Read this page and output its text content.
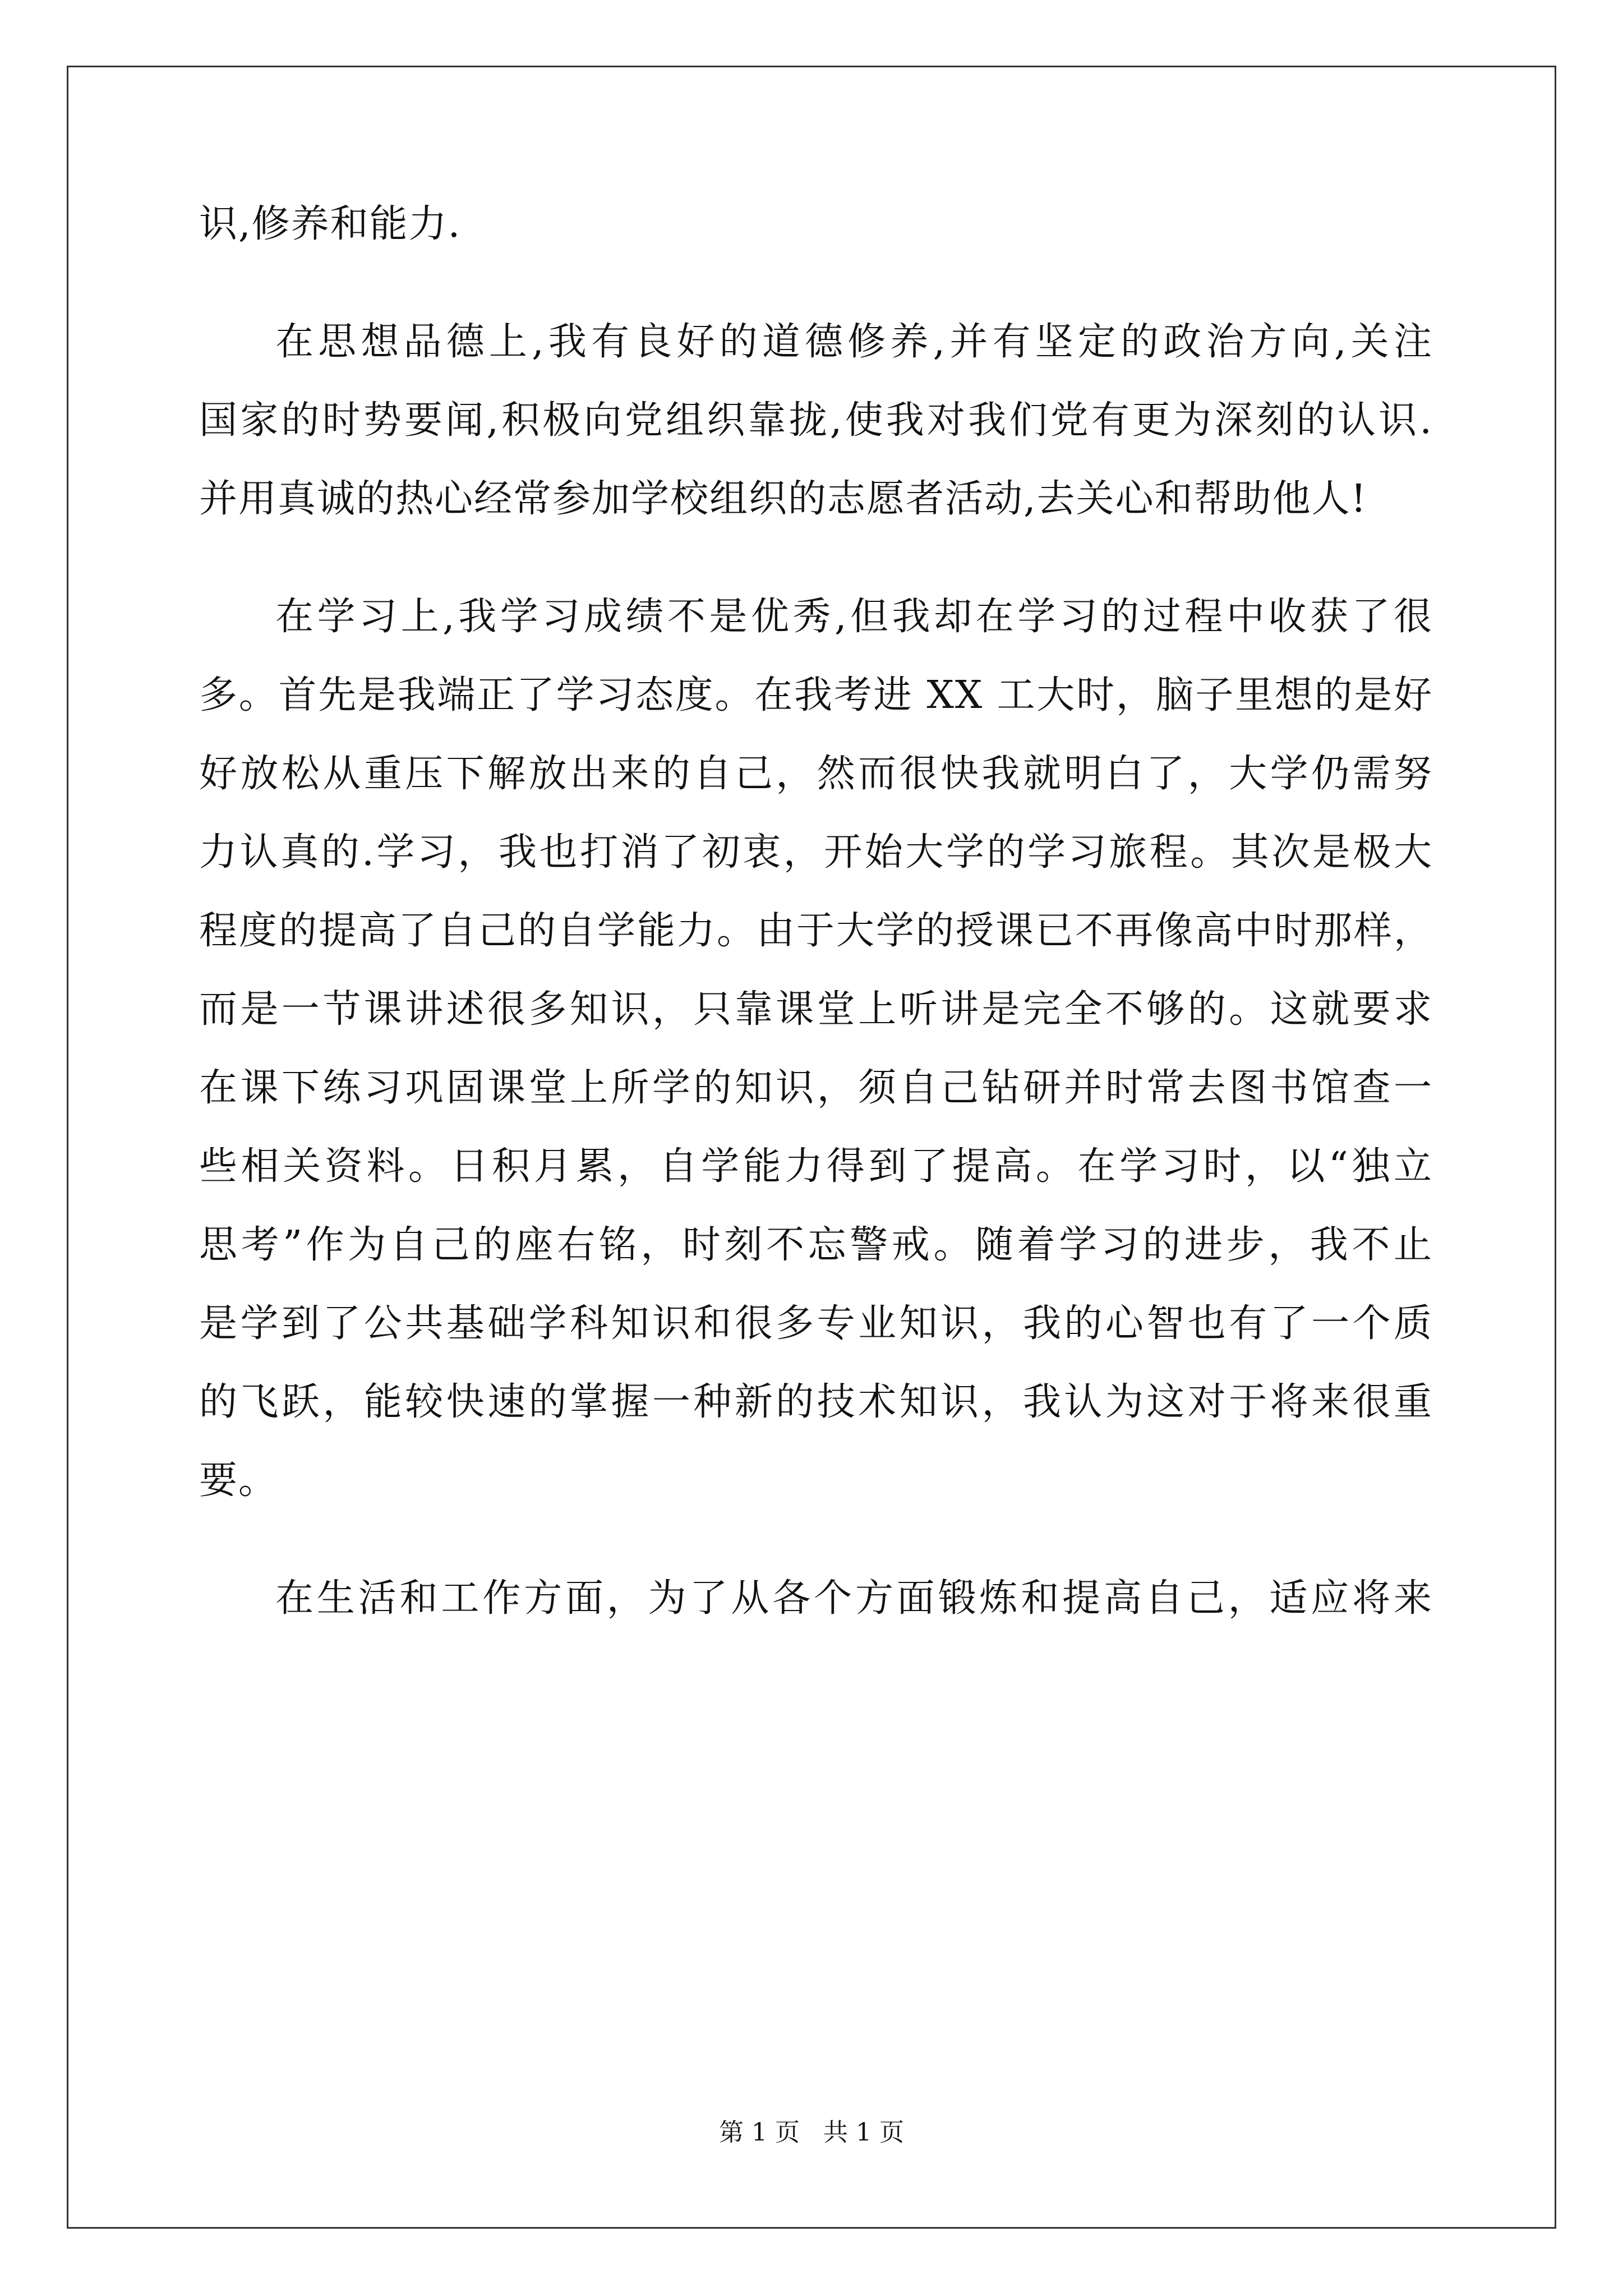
识,修养和能力.
在思想品德上,我有良好的道德修养,并有坚定的政治方向,关注
国家的时势要闻,积极向党组织靠拢,使我对我们党有更为深刻的认识.
并用真诚的热心经常参加学校组织的志愿者活动,去关心和帮助他人!
在学习上,我学习成绩不是优秀,但我却在学习的过程中收获了很
多。首先是我端正了学习态度。在我考进 XX 工大时，脑子里想的是好
好放松从重压下解放出来的自己，然而很快我就明白了，大学仍需努
力认真的.学习，我也打消了初衷，开始大学的学习旅程。其次是极大
程度的提高了自己的自学能力。由于大学的授课已不再像高中时那样，
而是一节课讲述很多知识，只靠课堂上听讲是完全不够的。这就要求
在课下练习巩固课堂上所学的知识，须自己钻研并时常去图书馆查一
些相关资料。日积月累，自学能力得到了提高。在学习时，以“独立
思考”作为自己的座右铭，时刻不忘警戒。随着学习的进步，我不止
是学到了公共基础学科知识和很多专业知识，我的心智也有了一个质
的飞跃，能较快速的掌握一种新的技术知识，我认为这对于将来很重
要。
在生活和工作方面，为了从各个方面锻炼和提高自己，适应将来
第 1 页 共 1 页
